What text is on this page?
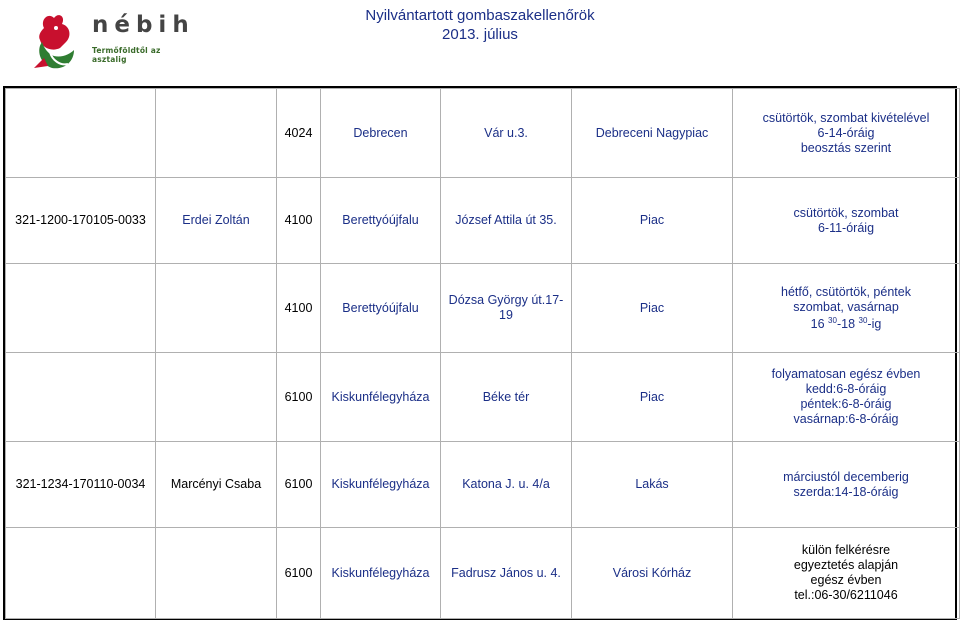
nébih
Termőföldtől az asztalig
Nyilvántartott gombaszakellenőrök
2013. július
		4024	Debrecen	Vár u.3.	Debreceni Nagypiac	csütörtök, szombat kivételével
6-14-óráig
beosztás szerint

321-1200-170105-0033	Erdei Zoltán	4100	Berettyóújfalu	József Attila út 35.	Piac	csütörtök, szombat
6-11-óráig

		4100	Berettyóújfalu	Dózsa György út.17-19	Piac	hétfő, csütörtök, péntek
szombat, vasárnap
16 $^{30}$-18 $^{30}$-ig

		6100	Kiskunfélegyháza	Béke tér	Piac	folyamatosan egész évben
kedd:6-8-óráig
péntek:6-8-óráig
vasárnap:6-8-óráig

321-1234-170110-0034	Marcényi Csaba	6100	Kiskunfélegyháza	Katona J. u. 4/a	Lakás	márciustól decemberig
szerda:14-18-óráig

		6100	Kiskunfélegyháza	Fadrusz János u. 4.	Városi Kórház	külön felkérésre
egyeztetés alapján
egész évben
tel.:06-30/6211046
